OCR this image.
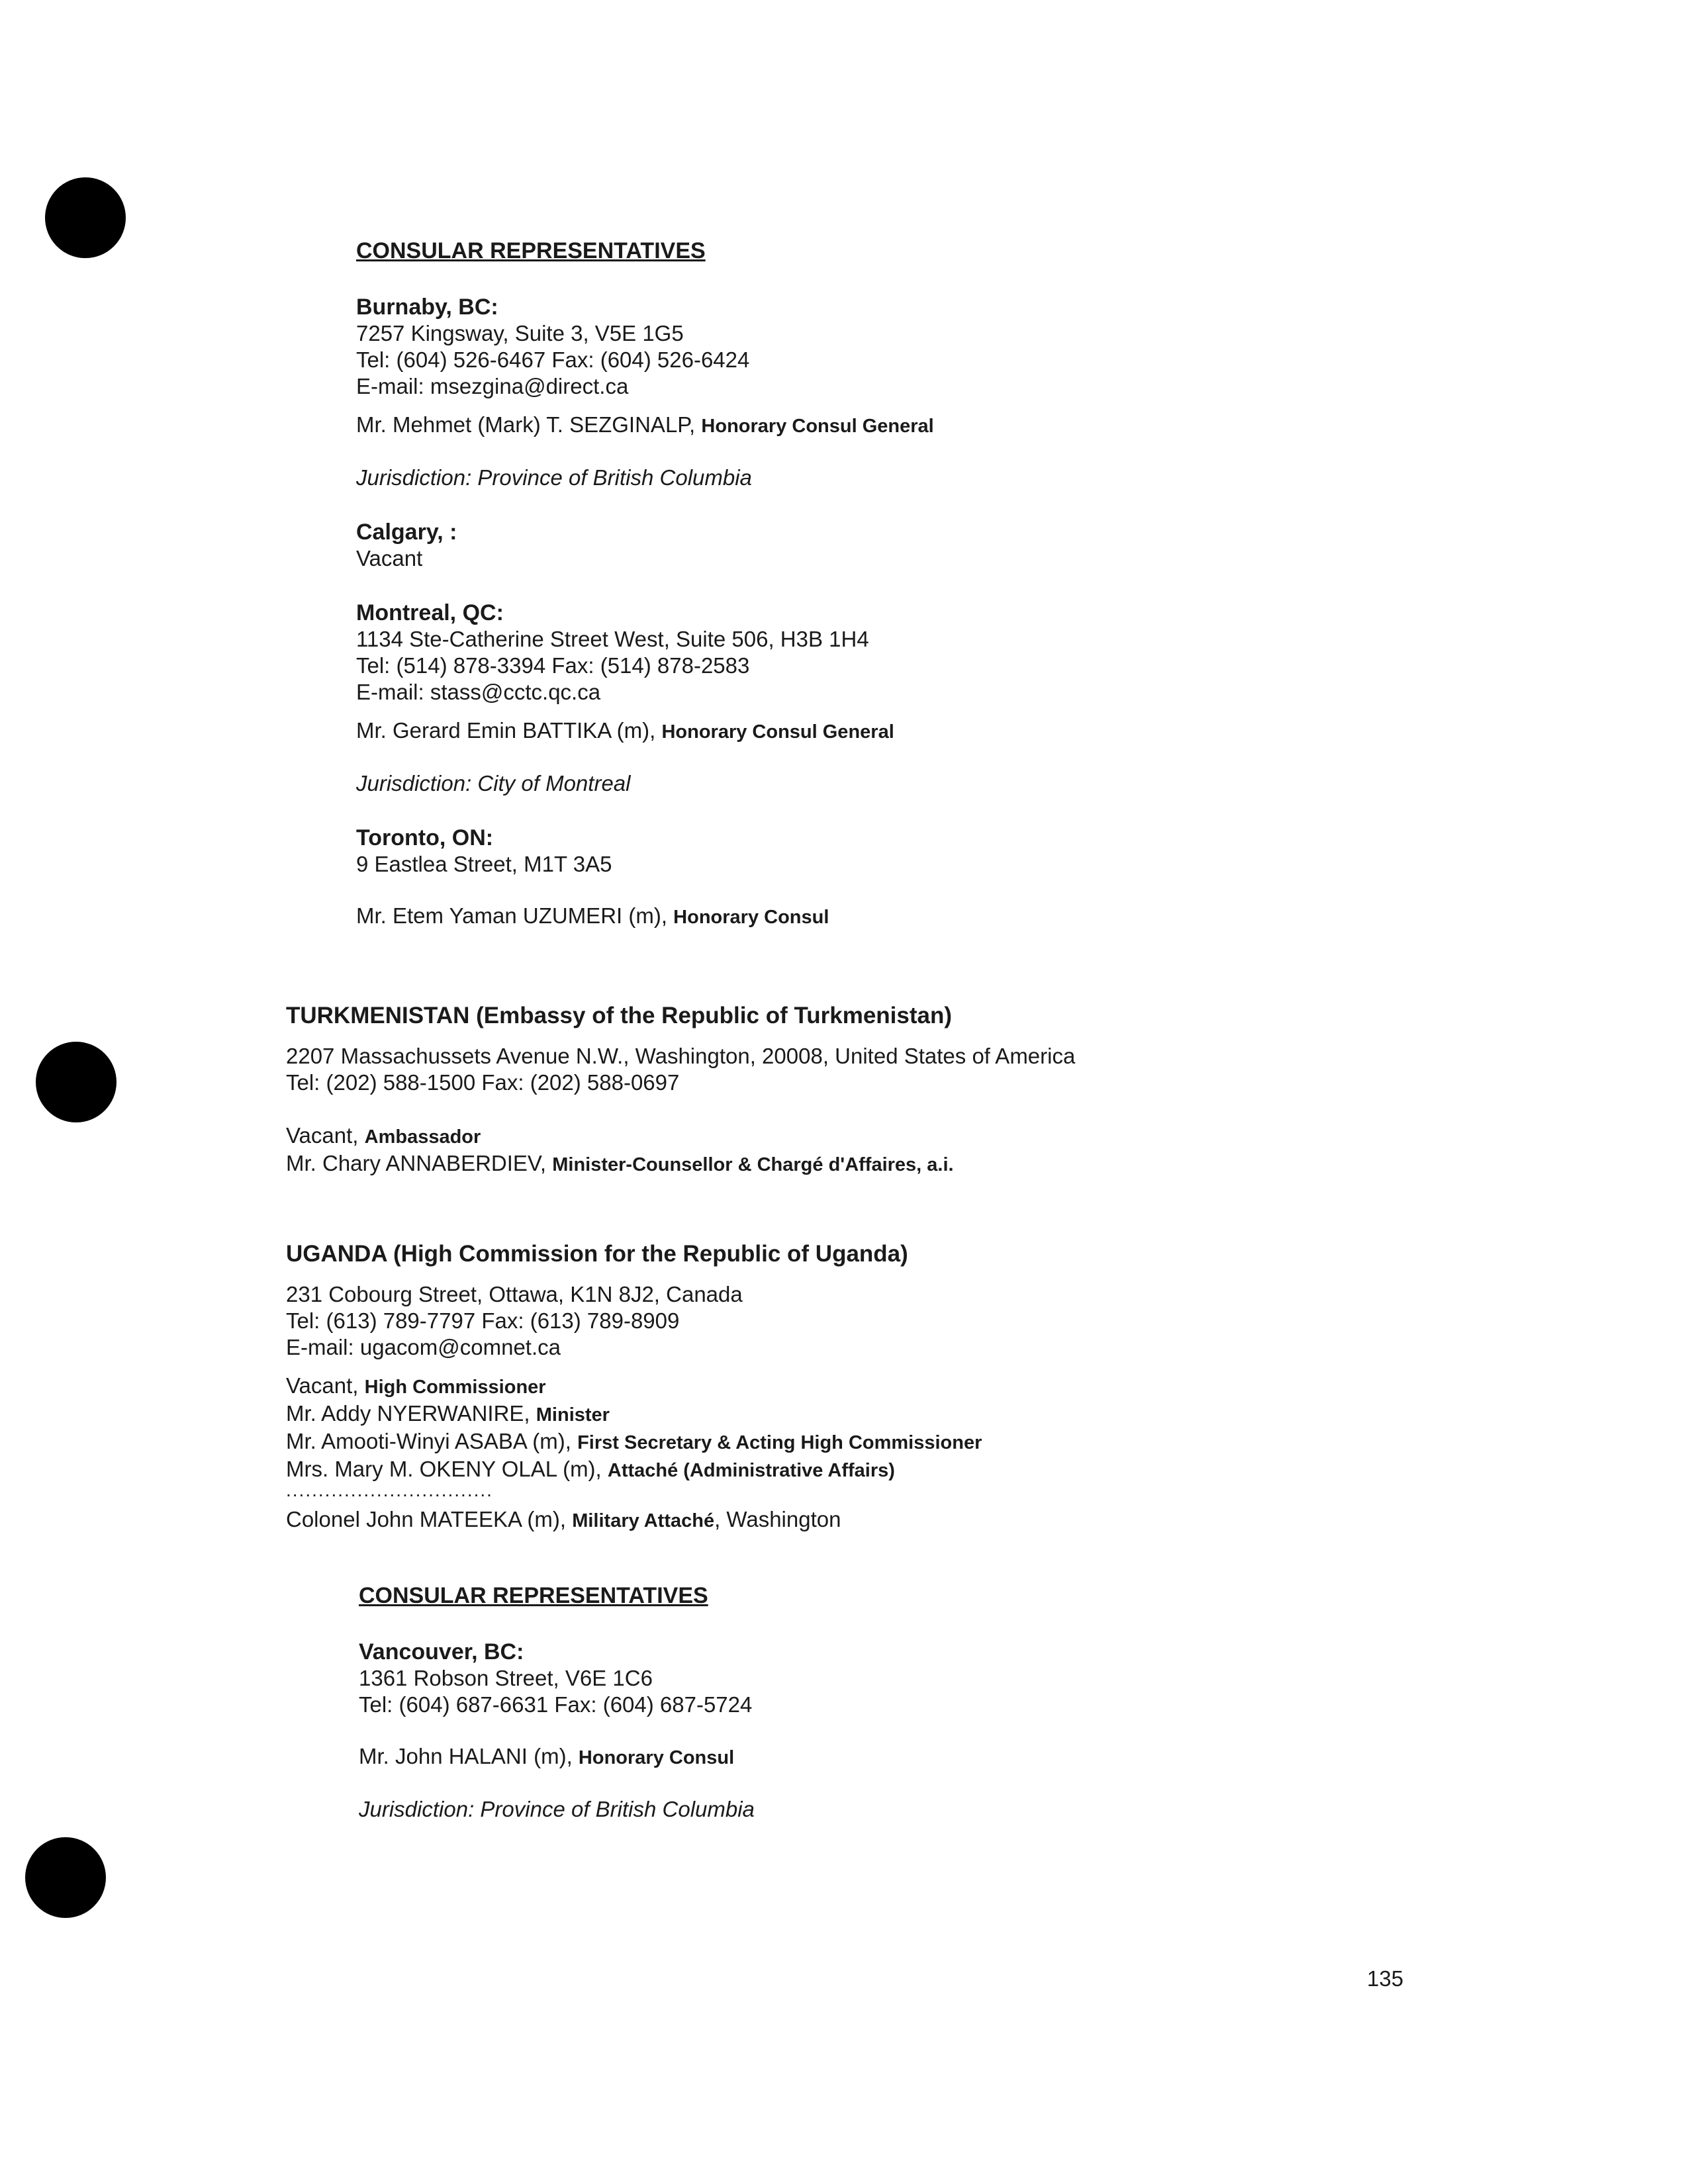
CONSULAR REPRESENTATIVES
Burnaby, BC:
7257 Kingsway, Suite 3, V5E 1G5
Tel: (604) 526-6467 Fax: (604) 526-6424
E-mail: msezgina@direct.ca
Mr. Mehmet (Mark) T. SEZGINALP, Honorary Consul General
Jurisdiction: Province of British Columbia
Calgary, :
Vacant
Montreal, QC:
1134 Ste-Catherine Street West, Suite 506, H3B 1H4
Tel: (514) 878-3394 Fax: (514) 878-2583
E-mail: stass@cctc.qc.ca
Mr. Gerard Emin BATTIKA (m), Honorary Consul General
Jurisdiction: City of Montreal
Toronto, ON:
9 Eastlea Street, M1T 3A5
Mr. Etem Yaman UZUMERI (m), Honorary Consul
TURKMENISTAN (Embassy of the Republic of Turkmenistan)
2207 Massachussets Avenue N.W., Washington, 20008, United States of America
Tel: (202) 588-1500 Fax: (202) 588-0697
Vacant, Ambassador
Mr. Chary ANNABERDIEV, Minister-Counsellor & Chargé d'Affaires, a.i.
UGANDA (High Commission for the Republic of Uganda)
231 Cobourg Street, Ottawa, K1N 8J2, Canada
Tel: (613) 789-7797 Fax: (613) 789-8909
E-mail: ugacom@comnet.ca
Vacant, High Commissioner
Mr. Addy NYERWANIRE, Minister
Mr. Amooti-Winyi ASABA (m), First Secretary & Acting High Commissioner
Mrs. Mary M. OKENY OLAL (m), Attaché (Administrative Affairs)
................................
Colonel John MATEEKA (m), Military Attaché, Washington
CONSULAR REPRESENTATIVES
Vancouver, BC:
1361 Robson Street, V6E 1C6
Tel: (604) 687-6631 Fax: (604) 687-5724
Mr. John HALANI (m), Honorary Consul
Jurisdiction: Province of British Columbia
135
